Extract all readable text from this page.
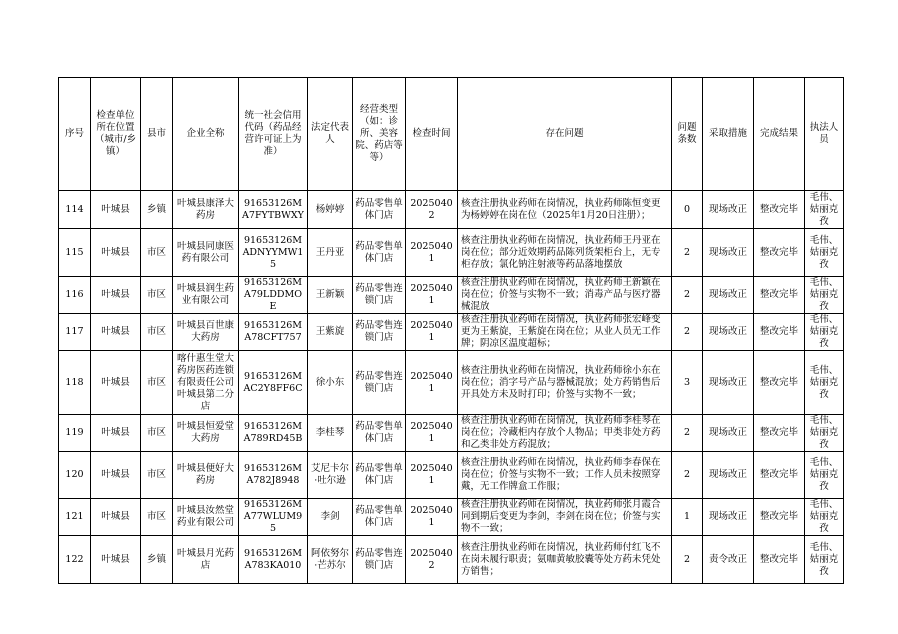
序号	检查单位所在位置（城市/乡镇）	县市	企业全称	统一社会信用代码（药品经营许可证上为准）	法定代表人	经营类型（如：诊所、美容院、药店等等）	检查时间	存在问题	问题条数	采取措施	完成结果	执法人员
114	叶城县	乡镇	叶城县康泽大药房	91653126MA7FYTBWXY	杨婷婷	药品零售单体门店	20250402	核查注册执业药师在岗情况，执业药师陈恒变更为杨婷婷在岗在位（2025年1月20日注册）；	0	现场改正	整改完毕	毛伟、姑丽克孜
115	叶城县	市区	叶城县同康医药有限公司	91653126MADNYYMW15	王丹亚	药品零售单体门店	20250401	核查注册执业药师在岗情况，执业药师王丹亚在岗在位；部分近效期药品陈列货架柜台上，无专柜存放；氯化钠注射液等药品落地摆放	2	现场改正	整改完毕	毛伟、姑丽克孜
116	叶城县	市区	叶城县润生药业有限公司	91653126MA79LDDMOE	王新颖	药品零售连锁门店	20250401	核查注册执业药师在岗情况，执业药师王新颖在岗在位；价签与实物不一致；消毒产品与医疗器械混放	2	现场改正	整改完毕	毛伟、姑丽克孜
117	叶城县	市区	叶城县百世康大药房	91653126MA78CFT757	王紫旋	药品零售连锁门店	20250401	核查注册执业药师在岗情况，执业药师张宏峰变更为王紫旋，王紫旋在岗在位；从业人员无工作牌；阴凉区温度超标；	2	现场改正	整改完毕	毛伟、姑丽克孜
118	叶城县	市区	喀什惠生堂大药房医药连锁有限责任公司叶城县第二分店	91653126MAC2Y8FF6C	徐小东	药品零售连锁门店	20250401	核查注册执业药师在岗情况，执业药师徐小东在岗在位；消字号产品与器械混放；处方药销售后开具处方未及时打印；价签与实物不一致；	3	现场改正	整改完毕	毛伟、姑丽克孜
119	叶城县	市区	叶城县恒爱堂大药房	91653126MA789RD45B	李桂琴	药品零售单体门店	20250401	核查注册执业药师在岗情况，执业药师李桂琴在岗在位；冷藏柜内存放个人物品；甲类非处方药和乙类非处方药混放；	2	现场改正	整改完毕	毛伟、姑丽克孜
120	叶城县	市区	叶城县便好大药房	91653126MA782J8948	艾尼卡尔·吐尔逊	药品零售单体门店	20250401	核查注册执业药师在岗情况，执业药师李春保在岗在位；价签与实物不一致；工作人员未按照穿戴，无工作牌盒工作服；	2	现场改正	整改完毕	毛伟、姑丽克孜
121	叶城县	市区	叶城县汝然堂药业有限公司	91653126MA77WLUM95	李剑	药品零售单体门店	20250401	核查注册执业药师在岗情况，执业药师张月霞合同到期后变更为李剑，李剑在岗在位；价签与实物不一致；	1	现场改正	整改完毕	毛伟、姑丽克孜
122	叶城县	乡镇	叶城县月光药店	91653126MA783KA010	阿依努尔·芒苏尔	药品零售连锁门店	20250402	核查注册执业药师在岗情况，执业药师付红飞不在岗未履行职责；氨咖黄敏胶囊等处方药未凭处方销售；	2	责令改正	整改完毕	毛伟、姑丽克孜
